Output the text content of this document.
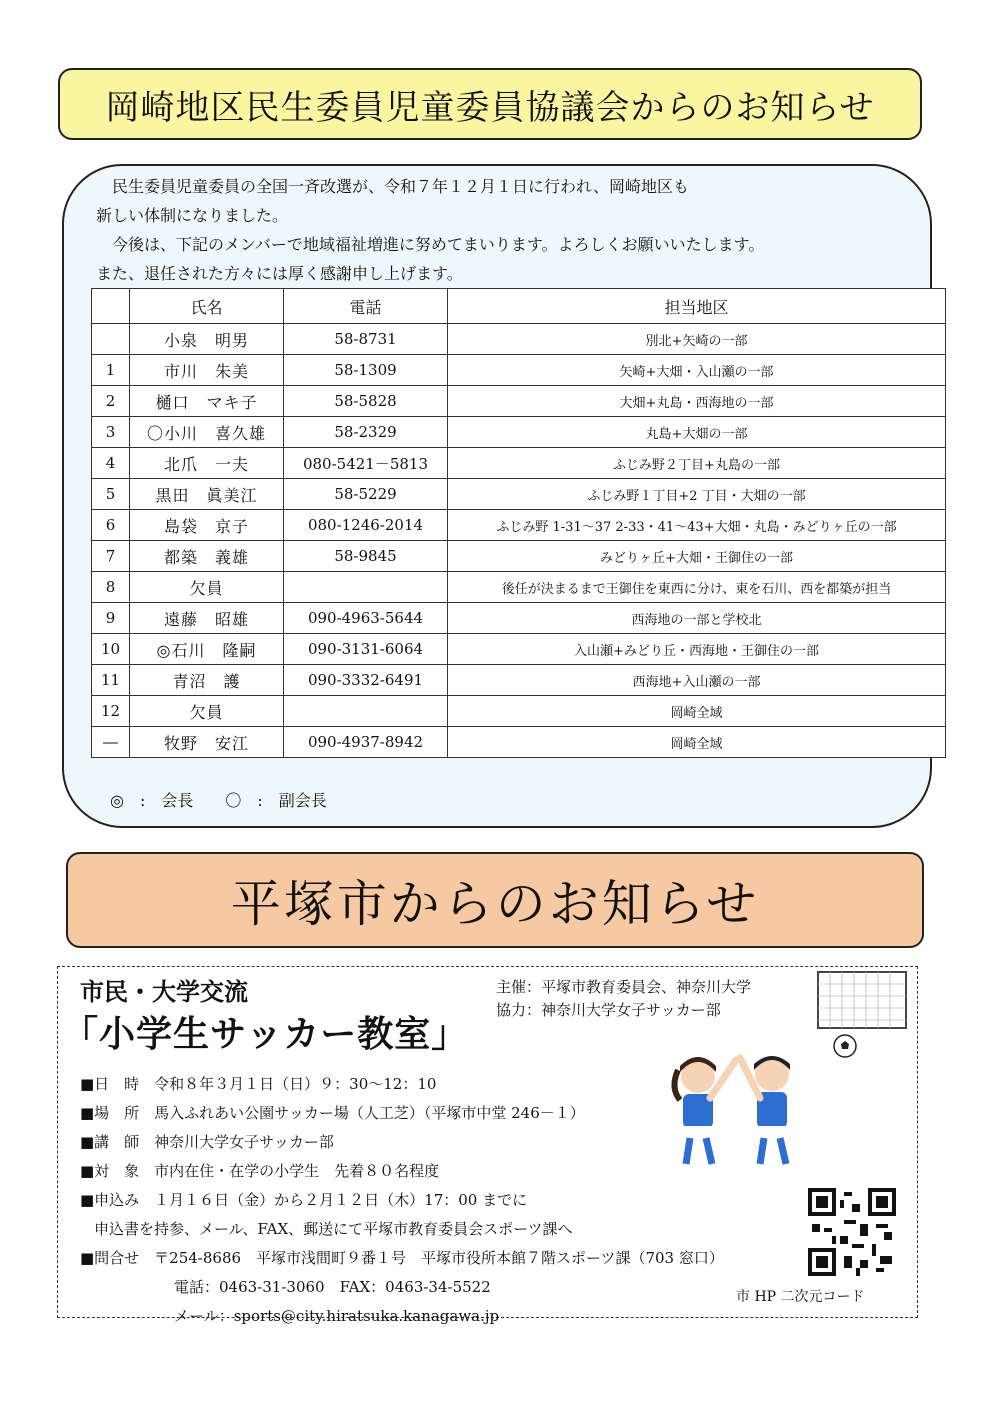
岡崎地区民生委員児童委員協議会からのお知らせ

　民生委員児童委員の全国一斉改選が、令和７年１２月１日に行われ、岡崎地区も
新しい体制になりました。
　今後は、下記のメンバーで地域福祉増進に努めてまいります。よろしくお願いいたします。
また、退任された方々には厚く感謝申し上げます。

	氏名	電話	担当地区
	小泉　明男	58-8731	別北+矢崎の一部
1	市川　朱美	58-1309	矢崎+大畑・入山瀬の一部
2	樋口　マキ子	58-5828	大畑+丸島・西海地の一部
3	〇小川　喜久雄	58-2329	丸島+大畑の一部
4	北爪　一夫	080-5421－5813	ふじみ野２丁目+丸島の一部
5	黒田　眞美江	58-5229	ふじみ野１丁目+2 丁目・大畑の一部
6	島袋　京子	080-1246-2014	ふじみ野 1-31～37 2-33・41～43+大畑・丸島・みどりヶ丘の一部
7	都築　義雄	58-9845	みどりヶ丘+大畑・王御住の一部
8	欠員		後任が決まるまで王御住を東西に分け、東を石川、西を都築が担当
9	遠藤　昭雄	090-4963-5644	西海地の一部と学校北
10	◎石川　隆嗣	090-3131-6064	入山瀬+みどり丘・西海地・王御住の一部
11	青沼　護	090-3332-6491	西海地+入山瀬の一部
12	欠員		岡崎全域
―	牧野　安江	090-4937-8942	岡崎全域

◎　:　会長　　〇　:　副会長

平塚市からのお知らせ

市民・大学交流

「小学生サッカー教室」

主催：平塚市教育委員会、神奈川大学
協力：神奈川大学女子サッカー部

■日　時　令和８年３月１日（日）９：30～12：10
■場　所　馬入ふれあい公園サッカー場（人工芝）（平塚市中堂 246－１）
■講　師　神奈川大学女子サッカー部
■対　象　市内在住・在学の小学生　先着８０名程度
■申込み　１月１６日（金）から２月１２日（木）17：00 までに
申込書を持参、メール、FAX、郵送にて平塚市教育委員会スポーツ課へ
■問合せ　〒254-8686　平塚市浅間町９番１号　平塚市役所本館７階スポーツ課（703 窓口）
電話：0463-31-3060　FAX：0463-34-5522
メール：sports@city.hiratsuka.kanagawa.jp

市 HP 二次元コード
